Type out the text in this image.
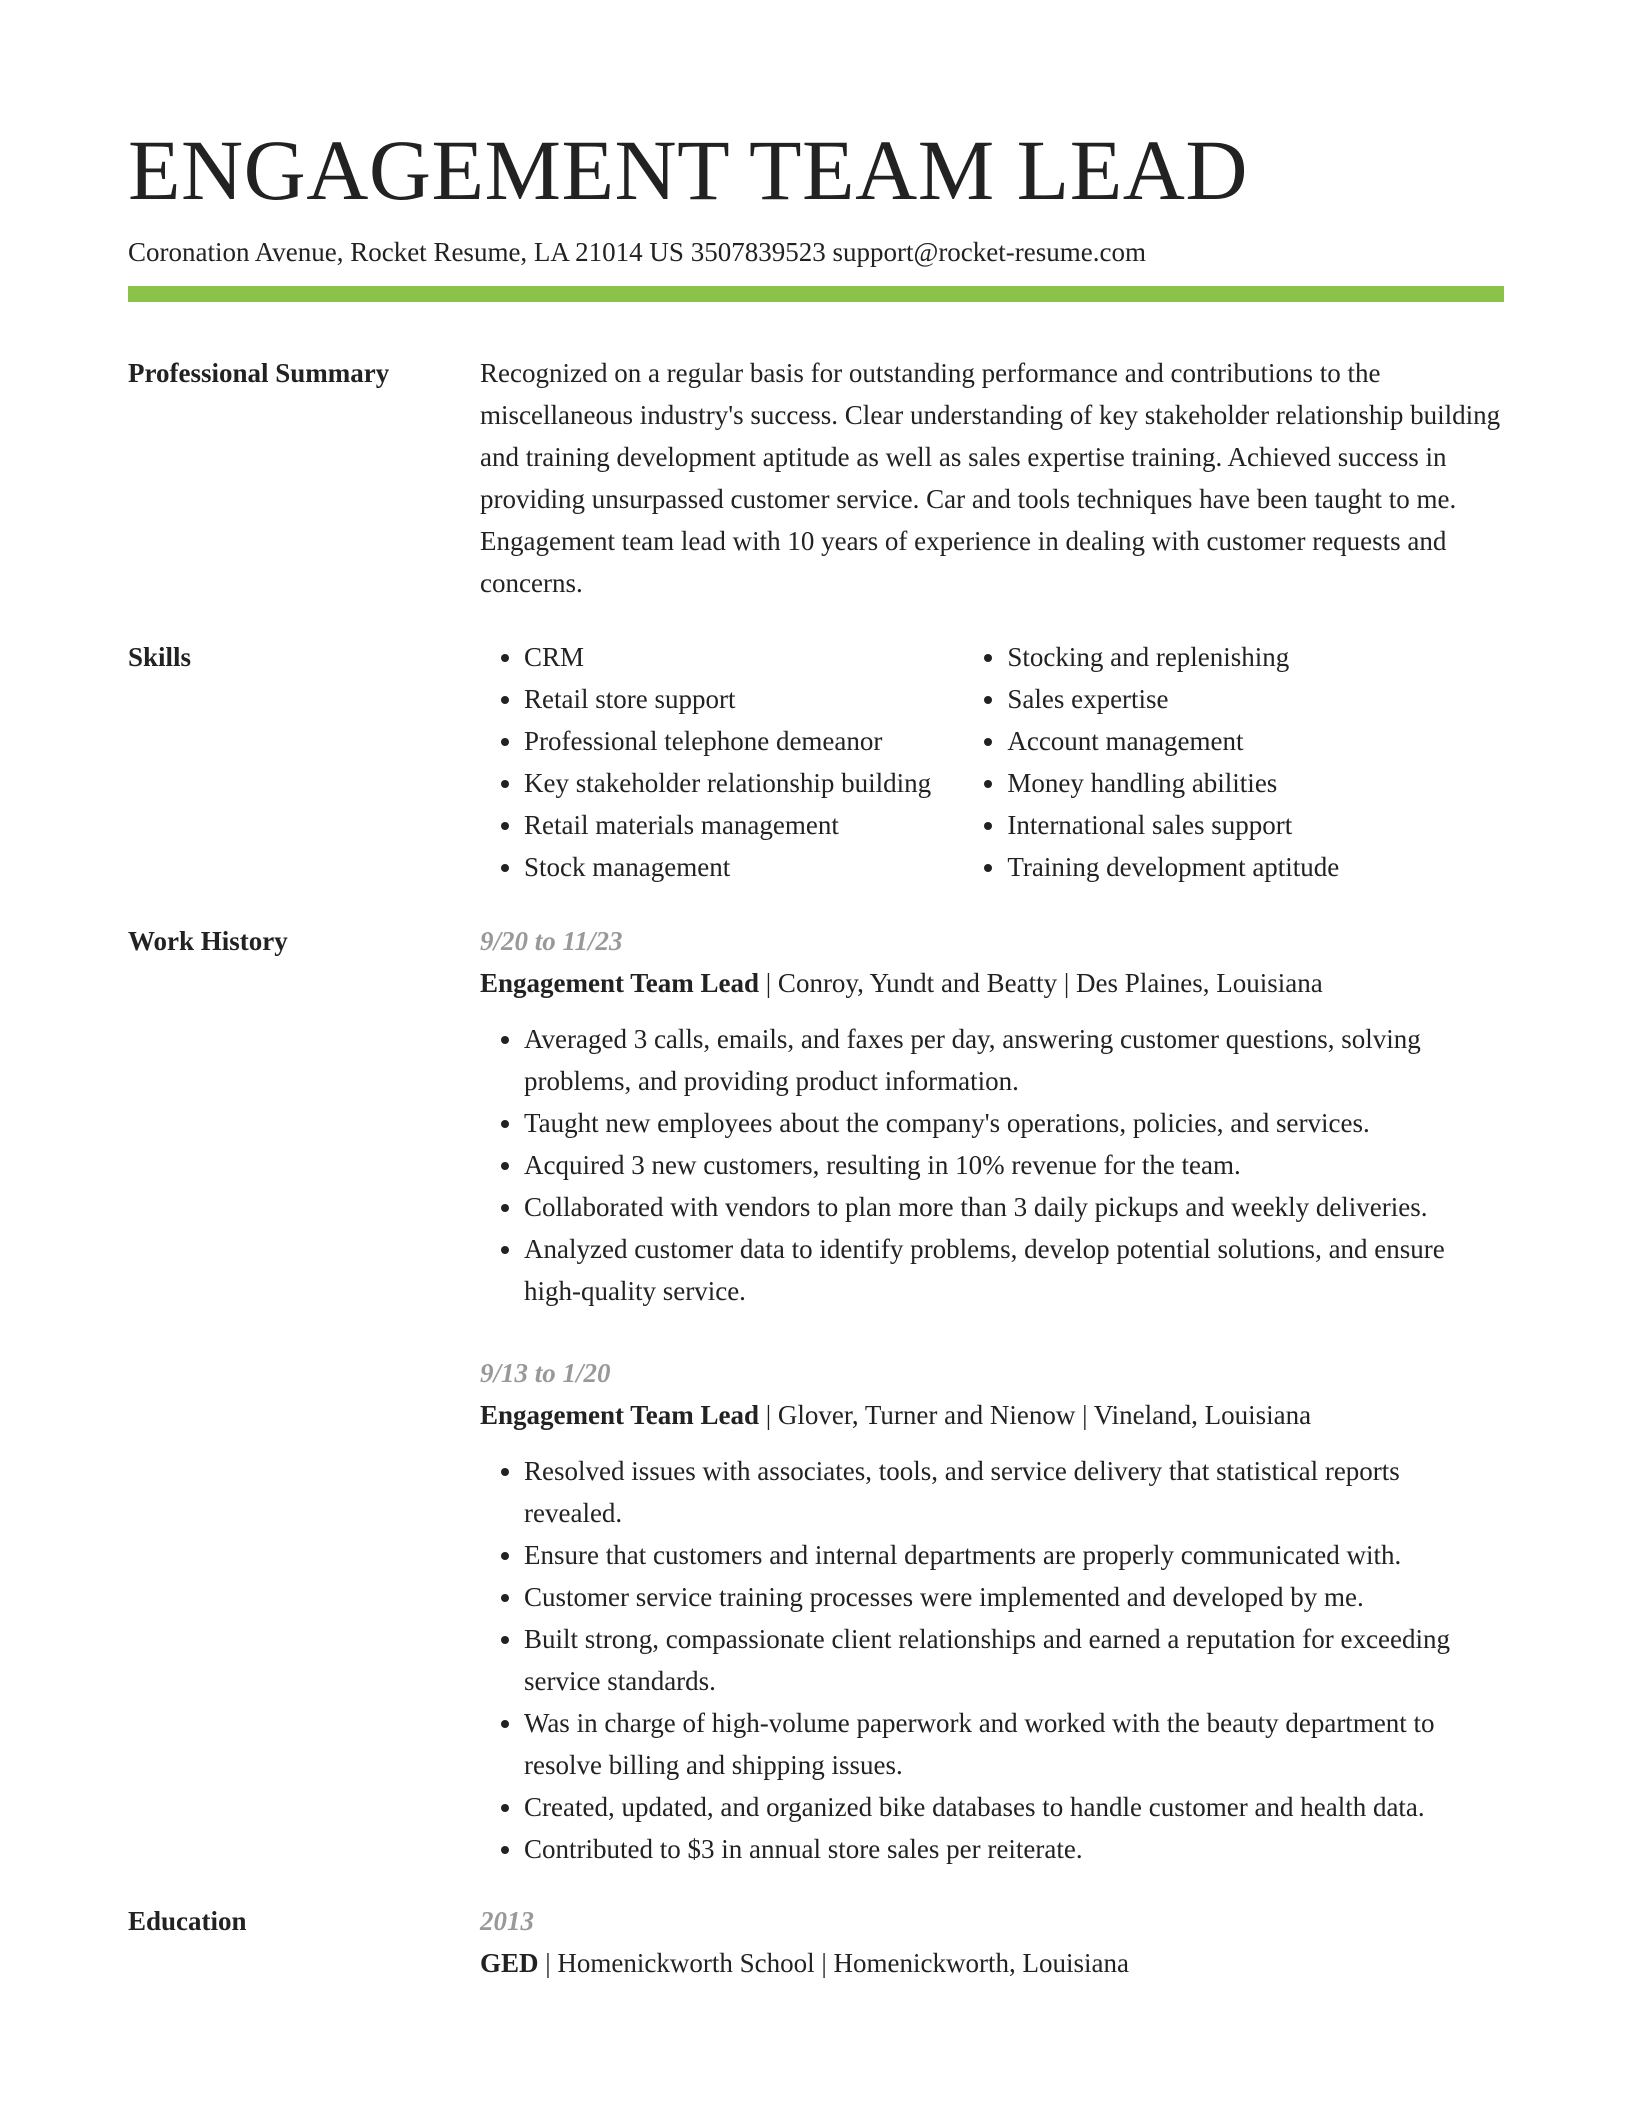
ENGAGEMENT TEAM LEAD
Coronation Avenue, Rocket Resume, LA 21014 US 3507839523 support@rocket-resume.com
Professional Summary	Recognized on a regular basis for outstanding performance and contributions to the miscellaneous industry's success. Clear understanding of key stakeholder relationship building and training development aptitude as well as sales expertise training. Achieved success in providing unsurpassed customer service. Car and tools techniques have been taught to me. Engagement team lead with 10 years of experience in dealing with customer requests and concerns.
Skills
•	CRM
• Retail store support
• Professional telephone demeanor
• Key stakeholder relationship building
• Retail materials management
• Stock management
• Stocking and replenishing
• Sales expertise
• Account management
• Money handling abilities
• International sales support
• Training development aptitude
Work History	9/20 to 11/23
Engagement Team Lead | Conroy, Yundt and Beatty | Des Plaines, Louisiana
• Averaged 3 calls, emails, and faxes per day, answering customer questions, solving problems, and providing product information.
• Taught new employees about the company's operations, policies, and services.
• Acquired 3 new customers, resulting in 10% revenue for the team.
• Collaborated with vendors to plan more than 3 daily pickups and weekly deliveries.
• Analyzed customer data to identify problems, develop potential solutions, and ensure high-quality service.
9/13 to 1/20
Engagement Team Lead | Glover, Turner and Nienow | Vineland, Louisiana
• Resolved issues with associates, tools, and service delivery that statistical reports revealed.
• Ensure that customers and internal departments are properly communicated with.
• Customer service training processes were implemented and developed by me.
• Built strong, compassionate client relationships and earned a reputation for exceeding service standards.
• Was in charge of high-volume paperwork and worked with the beauty department to resolve billing and shipping issues.
• Created, updated, and organized bike databases to handle customer and health data.
• Contributed to $3 in annual store sales per reiterate.
Education	2013
GED | Homenickworth School | Homenickworth, Louisiana
